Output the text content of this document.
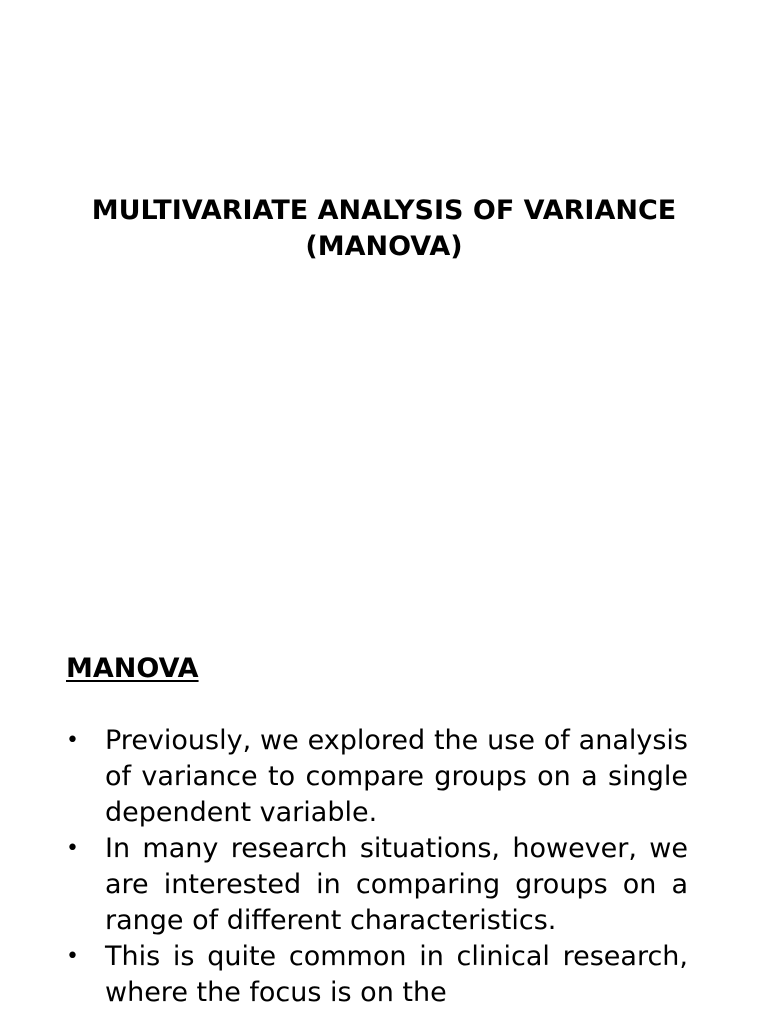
MULTIVARIATE ANALYSIS OF VARIANCE
(MANOVA)
MANOVA
• Previously, we explored the use of analysis of variance to compare groups on a single dependent variable.
• In many research situations, however, we are interested in comparing groups on a range of different characteristics.
• This is quite common in clinical research, where the focus is on the
